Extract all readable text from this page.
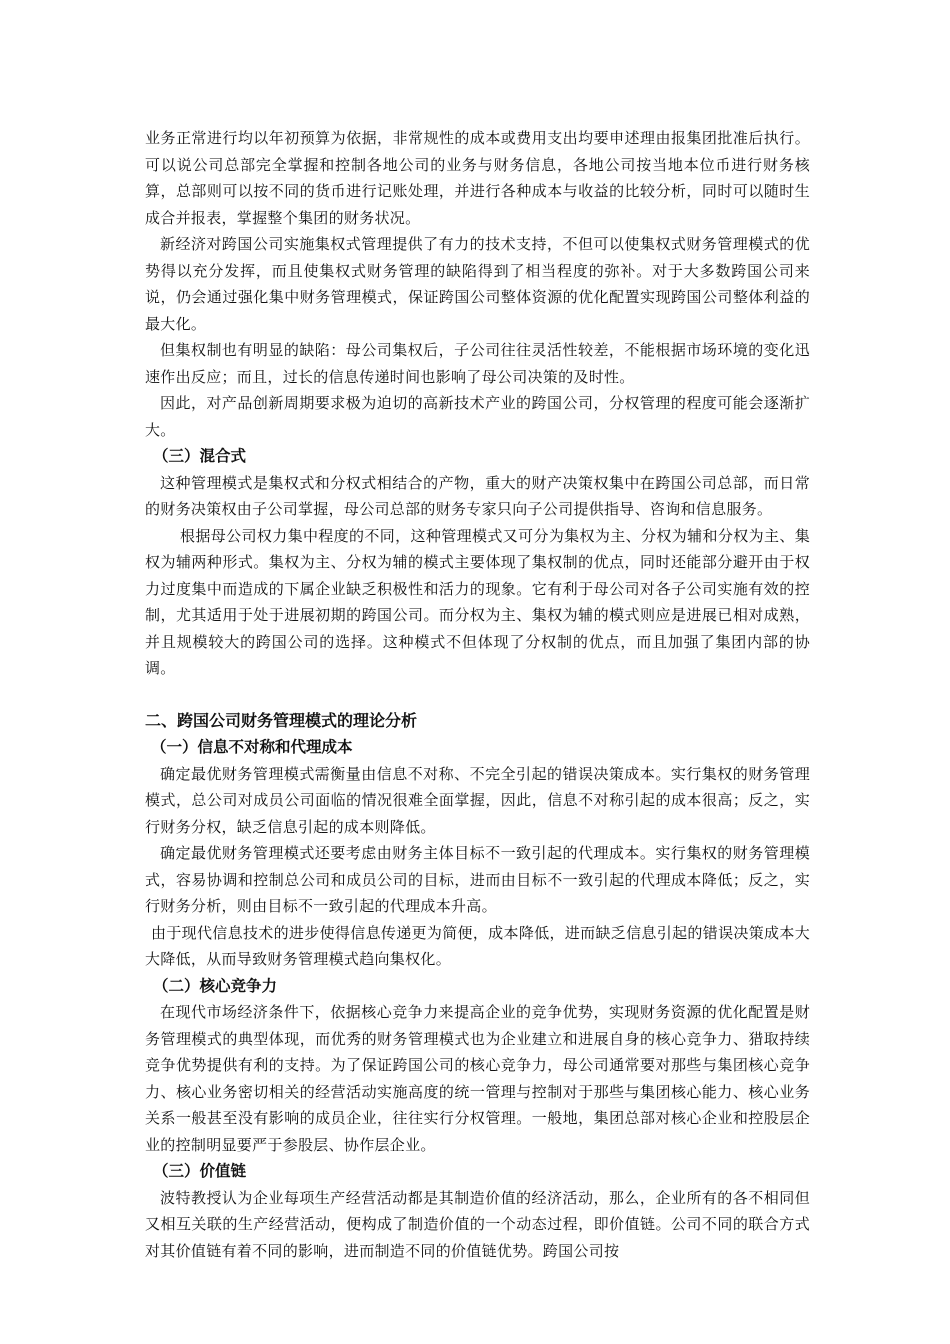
业务正常进行均以年初预算为依据，非常规性的成本或费用支出均要申述理由报集团批准后执行。可以说公司总部完全掌握和控制各地公司的业务与财务信息，各地公司按当地本位币进行财务核算，总部则可以按不同的货币进行记账处理，并进行各种成本与收益的比较分析，同时可以随时生成合并报表，掌握整个集团的财务状况。

新经济对跨国公司实施集权式管理提供了有力的技术支持，不但可以使集权式财务管理模式的优势得以充分发挥，而且使集权式财务管理的缺陷得到了相当程度的弥补。对于大多数跨国公司来说，仍会通过强化集中财务管理模式，保证跨国公司整体资源的优化配置实现跨国公司整体利益的最大化。

但集权制也有明显的缺陷：母公司集权后，子公司往往灵活性较差，不能根据市场环境的变化迅速作出反应；而且，过长的信息传递时间也影响了母公司决策的及时性。

因此，对产品创新周期要求极为迫切的高新技术产业的跨国公司，分权管理的程度可能会逐渐扩大。

（三）混合式

这种管理模式是集权式和分权式相结合的产物，重大的财产决策权集中在跨国公司总部，而日常的财务决策权由子公司掌握，母公司总部的财务专家只向子公司提供指导、咨询和信息服务。

根据母公司权力集中程度的不同，这种管理模式又可分为集权为主、分权为辅和分权为主、集权为辅两种形式。集权为主、分权为辅的模式主要体现了集权制的优点，同时还能部分避开由于权力过度集中而造成的下属企业缺乏积极性和活力的现象。它有利于母公司对各子公司实施有效的控制，尤其适用于处于进展初期的跨国公司。而分权为主、集权为辅的模式则应是进展已相对成熟，并且规模较大的跨国公司的选择。这种模式不但体现了分权制的优点，而且加强了集团内部的协调。

二、跨国公司财务管理模式的理论分析

（一）信息不对称和代理成本

确定最优财务管理模式需衡量由信息不对称、不完全引起的错误决策成本。实行集权的财务管理模式，总公司对成员公司面临的情况很难全面掌握，因此，信息不对称引起的成本很高；反之，实行财务分权，缺乏信息引起的成本则降低。

确定最优财务管理模式还要考虑由财务主体目标不一致引起的代理成本。实行集权的财务管理模式，容易协调和控制总公司和成员公司的目标，进而由目标不一致引起的代理成本降低；反之，实行财务分析，则由目标不一致引起的代理成本升高。

由于现代信息技术的进步使得信息传递更为简便，成本降低，进而缺乏信息引起的错误决策成本大大降低，从而导致财务管理模式趋向集权化。

（二）核心竞争力

在现代市场经济条件下，依据核心竞争力来提高企业的竞争优势，实现财务资源的优化配置是财务管理模式的典型体现，而优秀的财务管理模式也为企业建立和进展自身的核心竞争力、猎取持续竞争优势提供有利的支持。为了保证跨国公司的核心竞争力，母公司通常要对那些与集团核心竞争力、核心业务密切相关的经营活动实施高度的统一管理与控制对于那些与集团核心能力、核心业务关系一般甚至没有影响的成员企业，往往实行分权管理。一般地，集团总部对核心企业和控股层企业的控制明显要严于参股层、协作层企业。

（三）价值链

波特教授认为企业每项生产经营活动都是其制造价值的经济活动，那么，企业所有的各不相同但又相互关联的生产经营活动，便构成了制造价值的一个动态过程，即价值链。公司不同的联合方式对其价值链有着不同的影响，进而制造不同的价值链优势。跨国公司按
